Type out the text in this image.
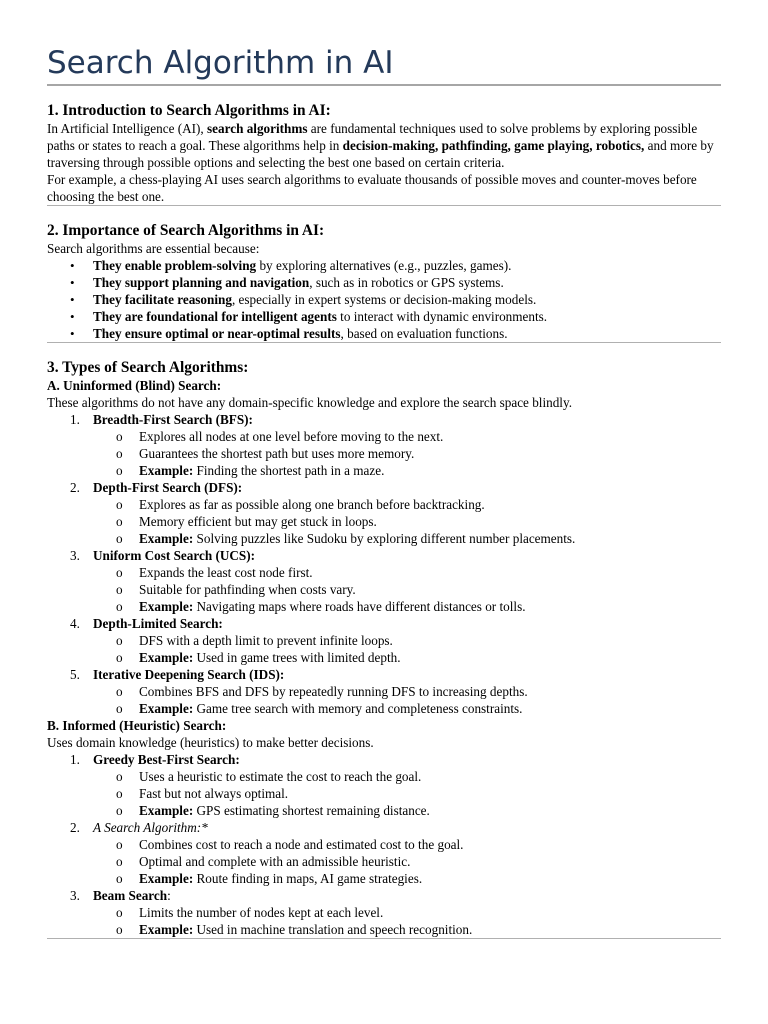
Search Algorithm in AI
1. Introduction to Search Algorithms in AI:

In Artificial Intelligence (AI), search algorithms are fundamental techniques used to solve problems by exploring possible paths or states to reach a goal. These algorithms help in decision-making, pathfinding, game playing, robotics, and more by traversing through possible options and selecting the best one based on certain criteria.

For example, a chess-playing AI uses search algorithms to evaluate thousands of possible moves and counter-moves before choosing the best one.

2. Importance of Search Algorithms in AI:

Search algorithms are essential because:

• They enable problem-solving by exploring alternatives (e.g., puzzles, games).
• They support planning and navigation, such as in robotics or GPS systems.
• They facilitate reasoning, especially in expert systems or decision-making models.
• They are foundational for intelligent agents to interact with dynamic environments.
• They ensure optimal or near-optimal results, based on evaluation functions.
3. Types of Search Algorithms:
A. Uninformed (Blind) Search:

These algorithms do not have any domain-specific knowledge and explore the search space blindly.

1. Breadth-First Search (BFS):
o Explores all nodes at one level before moving to the next.
o Guarantees the shortest path but uses more memory.
o Example: Finding the shortest path in a maze.
2. Depth-First Search (DFS):
o Explores as far as possible along one branch before backtracking.
o Memory efficient but may get stuck in loops.
o Example: Solving puzzles like Sudoku by exploring different number placements.
3. Uniform Cost Search (UCS):
o Expands the least cost node first.
o Suitable for pathfinding when costs vary.
o Example: Navigating maps where roads have different distances or tolls.
4. Depth-Limited Search:
o DFS with a depth limit to prevent infinite loops.
o Example: Used in game trees with limited depth.
5. Iterative Deepening Search (IDS):
o Combines BFS and DFS by repeatedly running DFS to increasing depths.
o Example: Game tree search with memory and completeness constraints.
B. Informed (Heuristic) Search:

Uses domain knowledge (heuristics) to make better decisions.

1. Greedy Best-First Search:
o Uses a heuristic to estimate the cost to reach the goal.
o Fast but not always optimal.
o Example: GPS estimating shortest remaining distance.
2. A Search Algorithm:*
o Combines cost to reach a node and estimated cost to the goal.
o Optimal and complete with an admissible heuristic.
o Example: Route finding in maps, AI game strategies.
3. Beam Search:
o Limits the number of nodes kept at each level.
o Example: Used in machine translation and speech recognition.
